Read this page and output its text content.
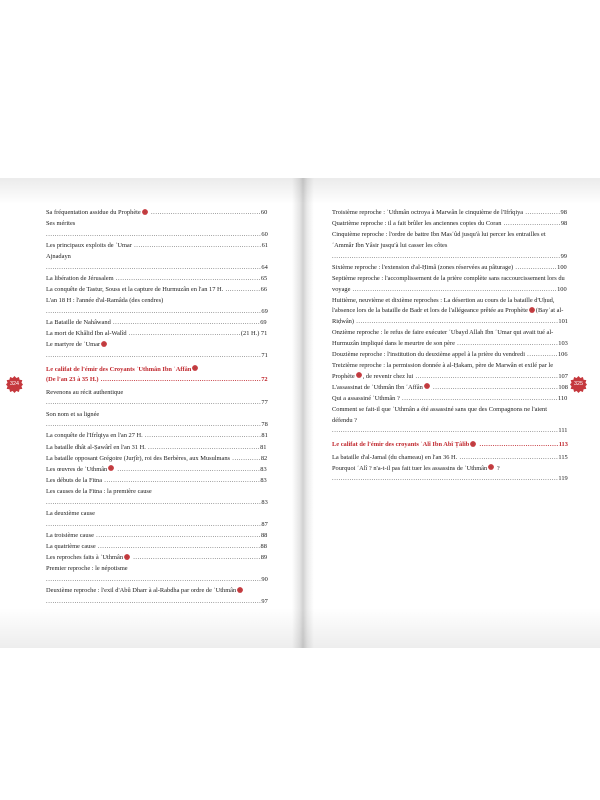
Sa fréquentation assidue du Prophète ..................................................60
Ses mérites ..................................................................................................60
Les principaux exploits de ʿUmar ..........................................................61
Ajnadayn ..................................................................................................64
La libération de Jérusalem ..................................................................65
La conquête de Tastur, Souss et la capture de Hurmuzân en l'an 17 H. ................66
L'an 18 H : l'année d'al-Ramâda (des cendres) ..................................................................................................69
La Bataille de Nahâwand ...................................................................69
La mort de Khâlid Ibn al-Walîd ...................................................(21 H.) 71
Le martyre de ʿUmar ..................................................................................................71
Le califat de l'émir des Croyants ʿUthmân Ibn ʿAffân
(De l'an 23 à 35 H.) .........................................................................72
Revenons au récit authentique ..................................................................................................77
Son nom et sa lignée ..................................................................................................78
La conquête de l'Ifrîqiya en l'an 27 H. .....................................................81
La bataille dhât al-Ṣawârî en l'an 31 H. ...................................................81
La bataille opposant Grégoire (Jurjîr), roi des Berbères, aux Musulmans .............82
Les œuvres de ʿUthmân .................................................................83
Les débuts de la Fitna .......................................................................83
Les causes de la Fitna : la première cause ..................................................................................................83
La deuxième cause ..................................................................................................87
La troisième cause ...........................................................................88
La quatrième cause ..........................................................................88
Les reproches faits à ʿUthmân ..........................................................89
Premier reproche : le népotisme ..................................................................................................90
Deuxième reproche : l'exil d'Abû Dharr à al-Rabdha par ordre de ʿUthmân ..................................................................................................97
Troisième reproche : ʿUthmân octroya à Marwân le cinquième de l'Ifrîqiya ................98
Quatrième reproche : il a fait brûler les anciennes copies du Coran ..........................98
Cinquième reproche : l'ordre de battre Ibn Masʿûd jusqu'à lui percer les entrailles et ʿAmmâr Ibn Yâsir jusqu'à lui casser les côtes ........................................................................................................99
Sixième reproche : l'extension d'al-Ḥimâ (zones réservées au pâturage) ...................100
Septième reproche : l'accomplissement de la prière complète sans raccourcissement lors du voyage .............................................................................................100
Huitième, neuvième et dixième reproches : La désertion au cours de la bataille d'Uḥud, l'absence lors de la bataille de Badr et lors de l'allégeance prêtée au Prophète (Bayʿat al-Riḍwân) ............................................................................................101
Onzième reproche : le refus de faire exécuter ʿUbayd Allah Ibn ʿUmar qui avait tué al-Hurmuzân impliqué dans le meurtre de son père ..............................................103
Douzième reproche : l'institution du deuxième appel à la prière du vendredi ..............106
Treizième reproche : la permission donnée à al-Ḥakam, père de Marwân et exilé par le Prophète , de revenir chez lui .................................................................107
L'assassinat de ʿUthmân Ibn ʿAffân .........................................................108
Qui a assassiné ʿUthmân ? .......................................................................110
Comment se fait-il que ʿUthmân a été assassiné sans que des Compagnons ne l'aient défendu ? .......................................................................................................111
Le califat de l'émir des croyants ʿAlî Ibn Abî Ṭâlib ....................................113
La bataille d'al-Jamal (du chameau) en l'an 36 H. .............................................115
Pourquoi ʿAlî ? n'a-t-il pas fait tuer les assassins de ʿUthmân ? .......................................................................................................119
324	325
